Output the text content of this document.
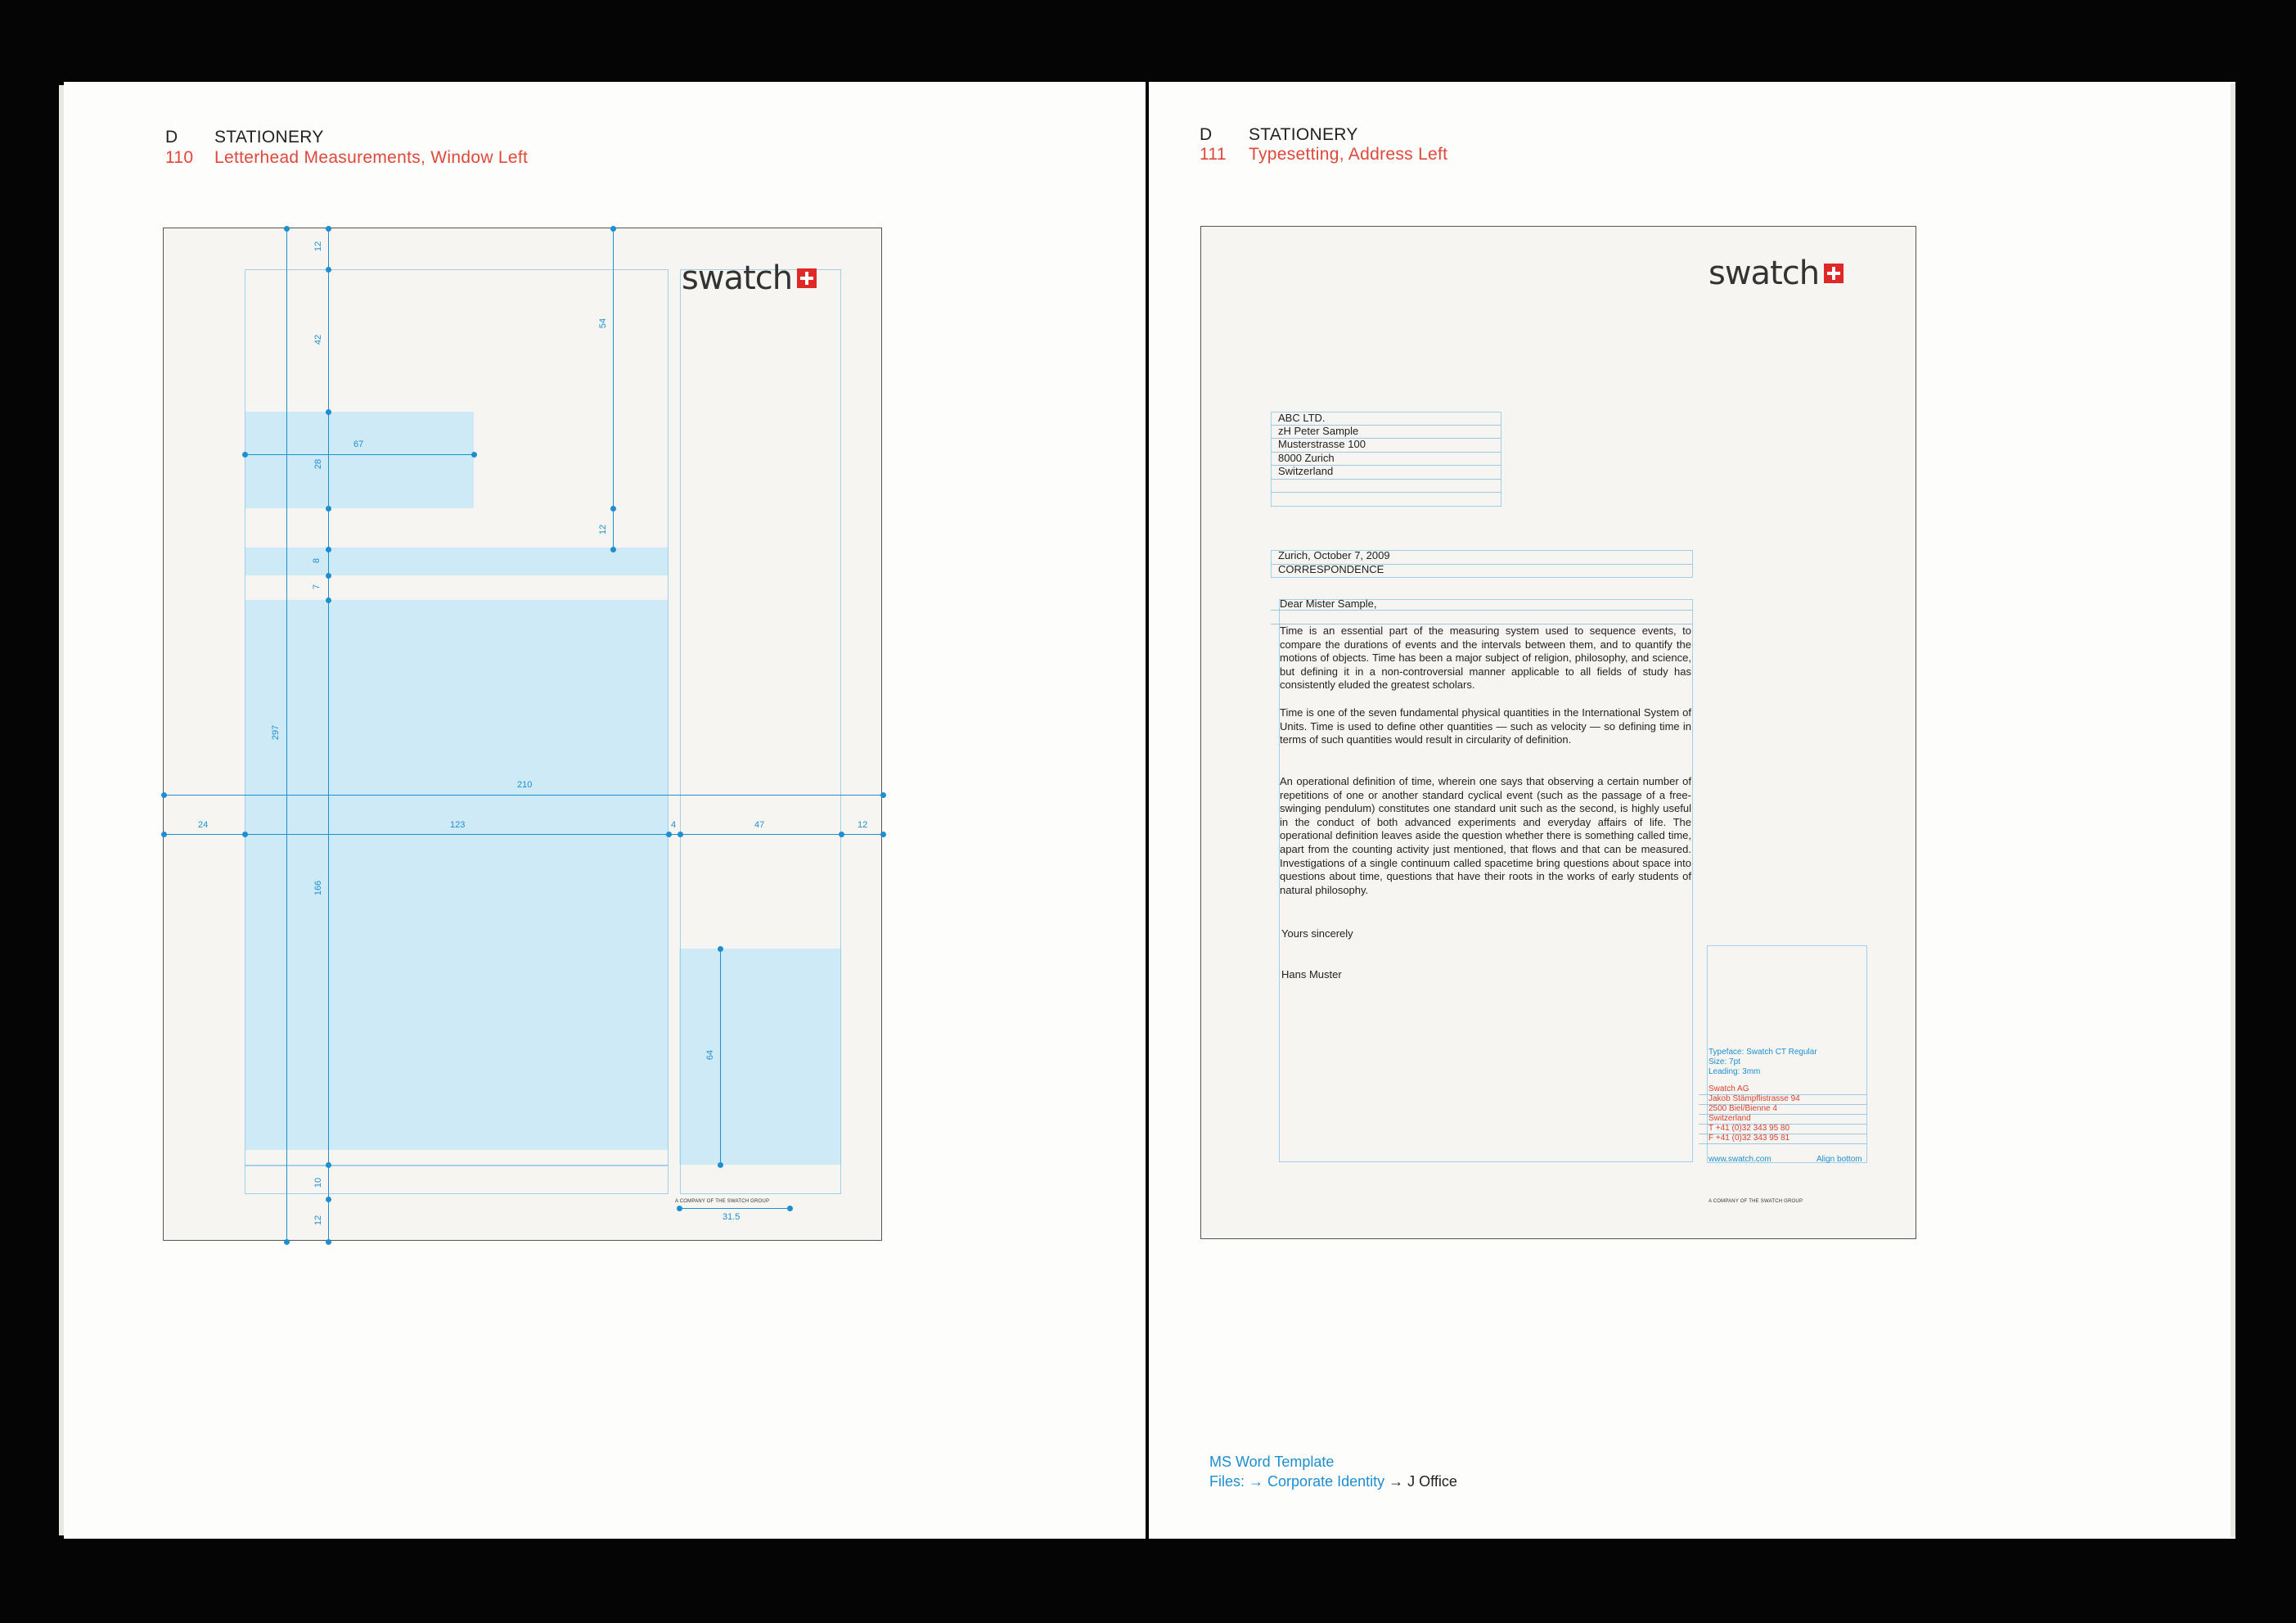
D STATIONERY
110 Letterhead Measurements, Window Left
swatch
A COMPANY OF THE SWATCH GROUP
210
24	123	4	47	12
12
42
54
67
28
12
8
7
297
166
64
10
12	31.5
D STATIONERY
111 Typesetting, Address Left
swatch
ABC LTD.
zH Peter Sample
Musterstrasse 100
8000 Zurich
Switzerland
Zurich, October 7, 2009
CORRESPONDENCE
Dear Mister Sample,
Time is an essential part of the measuring system used to sequence events, to compare the durations of events and the intervals between them, and to quantify the motions of objects. Time has been a major subject of religion, philosophy, and science, but defining it in a non-controversial manner applicable to all fields of study has consistently eluded the greatest scholars.
Time is one of the seven fundamental physical quantities in the International System of Units. Time is used to define other quantities — such as velocity — so defining time in terms of such quantities would result in circularity of definition.
An operational definition of time, wherein one says that observing a certain number of repetitions of one or another standard cyclical event (such as the passage of a free-swinging pendulum) constitutes one standard unit such as the second, is highly useful in the conduct of both advanced experiments and everyday affairs of life. The operational definition leaves aside the question whether there is something called time, apart from the counting activity just mentioned, that flows and that can be measured. Investigations of a single continuum called spacetime bring questions about space into questions about time, questions that have their roots in the works of early students of natural philosophy.
Yours sincerely
Hans Muster
Typeface: Swatch CT Regular
Size: 7pt
Leading: 3mm
Swatch AG
Jakob Stämpflistrasse 94
2500 Biel/Bienne 4
Switzerland
T +41 (0)32 343 95 80
F +41 (0)32 343 95 81
www.swatch.com	Align bottom
A COMPANY OF THE SWATCH GROUP
MS Word Template
Files: → Corporate Identity → J Office
